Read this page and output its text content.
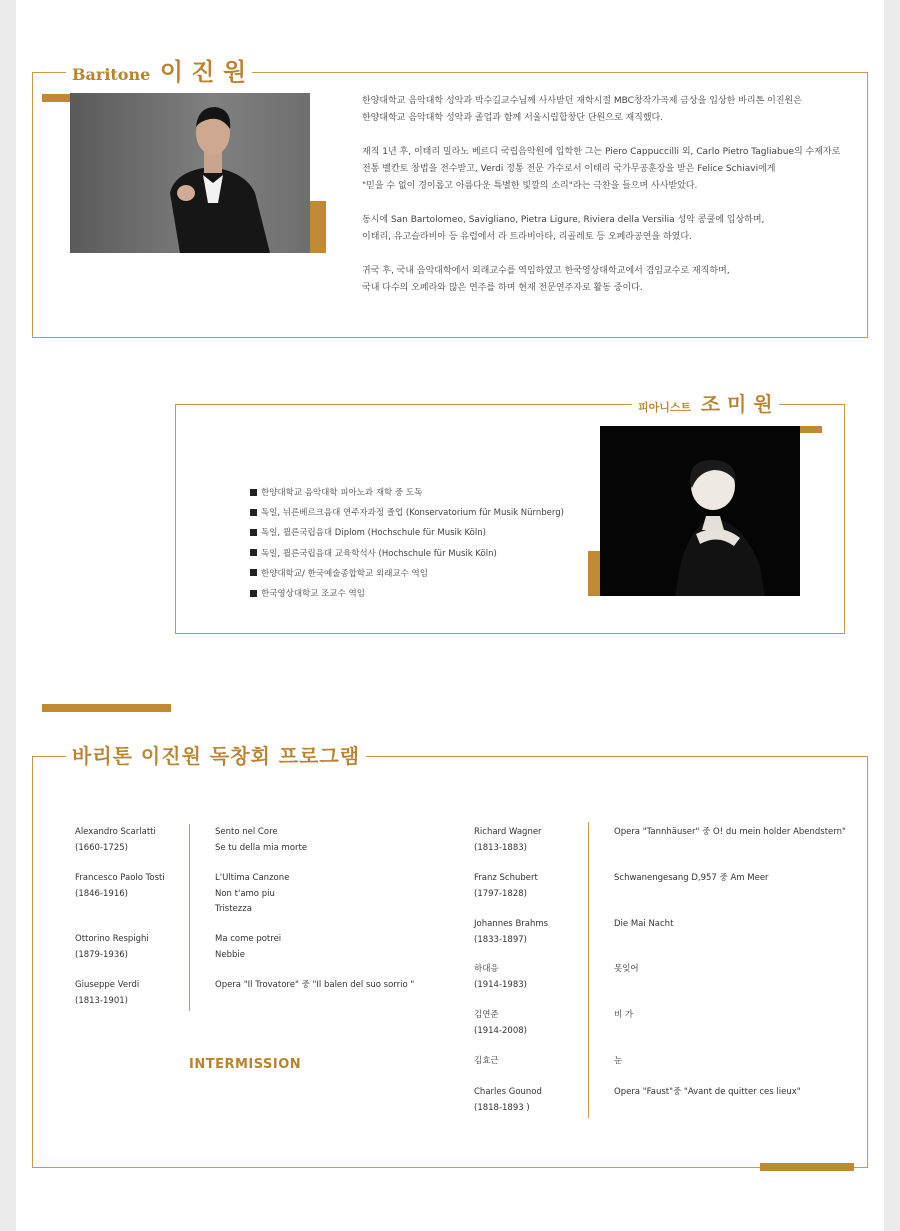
Baritone 이 진 원

한양대학교 음악대학 성악과 박수길교수님께 사사받던 재학시절 MBC창작가곡제 금상을 입상한 바리톤 이진원은

한양대학교 음악대학 성악과 졸업과 함께 서울시립합창단 단원으로 재직했다.

재직 1년 후, 이태리 밀라노 베르디 국립음악원에 입학한 그는 Piero Cappuccilli 외, Carlo Pietro Tagliabue의 수제자로

전통 벨칸토 창법을 전수받고, Verdi 정통 전문 가수로서 이태리 국가무공훈장을 받은 Felice Schiavi에게

"믿을 수 없이 경이롭고 아름다운 특별한 빛깔의 소리"라는 극찬을 들으며 사사받았다.

동시에 San Bartolomeo, Savigliano, Pietra Ligure, Riviera della Versilia 성악 콩쿨에 입상하며,

이태리, 유고슬라비아 등 유럽에서 라 트라비아타, 리골레토 등 오페라공연을 하였다.

귀국 후, 국내 음악대학에서 외래교수를 역임하였고 한국영상대학교에서 겸임교수로 재직하며,

국내 다수의 오페라와 많은 연주를 하며 현재 전문연주자로 활동 중이다.

피아니스트 조 미 원
한양대학교 음악대학 피아노과 재학 중 도독
독일, 뉘른베르크음대 연주자과정 졸업 (Konservatorium für Musik Nürnberg)
독일, 쾰른국립음대 Diplom (Hochschule für Musik Köln)
독일, 쾰른국립음대 교육학석사 (Hochschule für Musik Köln)
한양대학교/ 한국예술종합학교 외래교수 역임
한국영상대학교 조교수 역임
바리톤 이진원 독창회 프로그램
Alexandro Scarlatti
(1660-1725)
Sento nel Core
Se tu della mia morte
Francesco Paolo Tosti
(1846-1916)
L'Ultima Canzone
Non t'amo piu
Tristezza
Ottorino Respighi
(1879-1936)
Ma come potrei
Nebbie
Giuseppe Verdi
(1813-1901)
Opera "Il Trovatore" 중 "Il balen del suo sorrio "
INTERMISSION
Richard Wagner
(1813-1883)
Opera "Tannhäuser" 중 O! du mein holder Abendstern"
Franz Schubert
(1797-1828)
Schwanengesang D,957 중 Am Meer
Johannes Brahms
(1833-1897)
Die Mai Nacht
하대응
(1914-1983)
못잊어
김연준
(1914-2008)
비 가
김효근	눈
Charles Gounod
(1818-1893 )
Opera "Faust"중 "Avant de quitter ces lieux"
